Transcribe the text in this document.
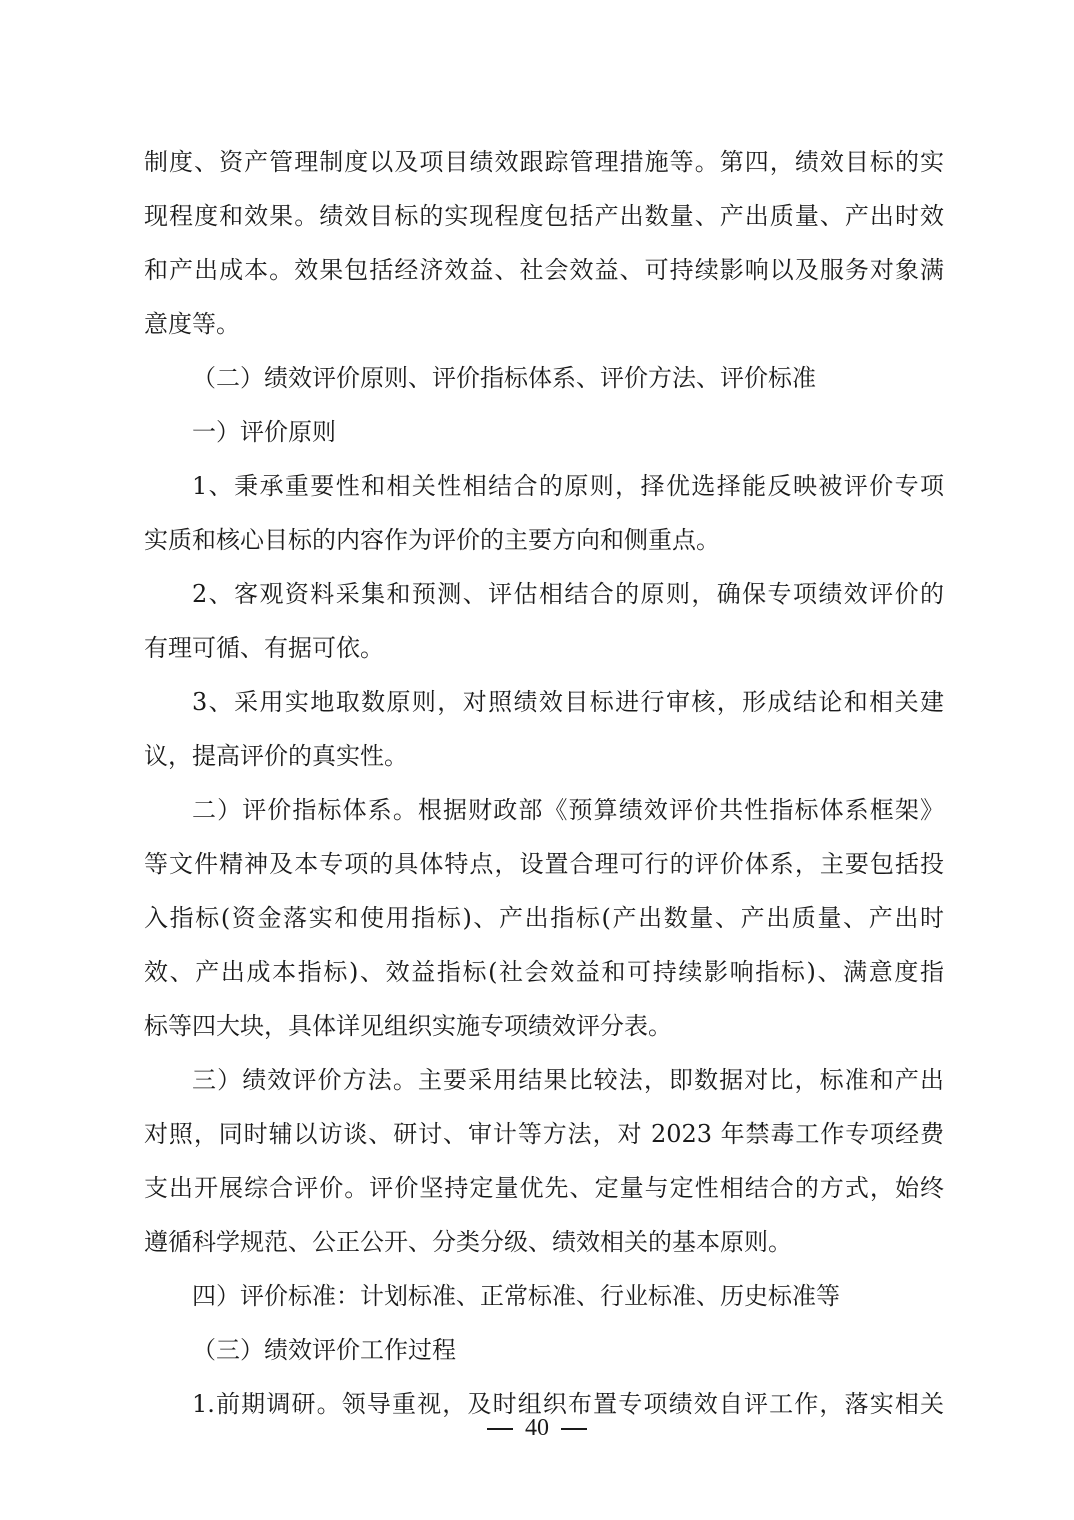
制度、资产管理制度以及项目绩效跟踪管理措施等。第四，绩效目标的实
现程度和效果。绩效目标的实现程度包括产出数量、产出质量、产出时效
和产出成本。效果包括经济效益、社会效益、可持续影响以及服务对象满
意度等。
（二）绩效评价原则、评价指标体系、评价方法、评价标准
一）评价原则
1、秉承重要性和相关性相结合的原则，择优选择能反映被评价专项
实质和核心目标的内容作为评价的主要方向和侧重点。
2、客观资料采集和预测、评估相结合的原则，确保专项绩效评价的
有理可循、有据可依。
3、采用实地取数原则，对照绩效目标进行审核，形成结论和相关建
议，提高评价的真实性。
二）评价指标体系。根据财政部《预算绩效评价共性指标体系框架》
等文件精神及本专项的具体特点，设置合理可行的评价体系，主要包括投
入指标(资金落实和使用指标)、产出指标(产出数量、产出质量、产出时
效、产出成本指标)、效益指标(社会效益和可持续影响指标)、满意度指
标等四大块，具体详见组织实施专项绩效评分表。
三）绩效评价方法。主要采用结果比较法，即数据对比，标准和产出
对照，同时辅以访谈、研讨、审计等方法，对 2023 年禁毒工作专项经费
支出开展综合评价。评价坚持定量优先、定量与定性相结合的方式，始终
遵循科学规范、公正公开、分类分级、绩效相关的基本原则。
四）评价标准：计划标准、正常标准、行业标准、历史标准等
（三）绩效评价工作过程
1.前期调研。领导重视，及时组织布置专项绩效自评工作，落实相关
40
